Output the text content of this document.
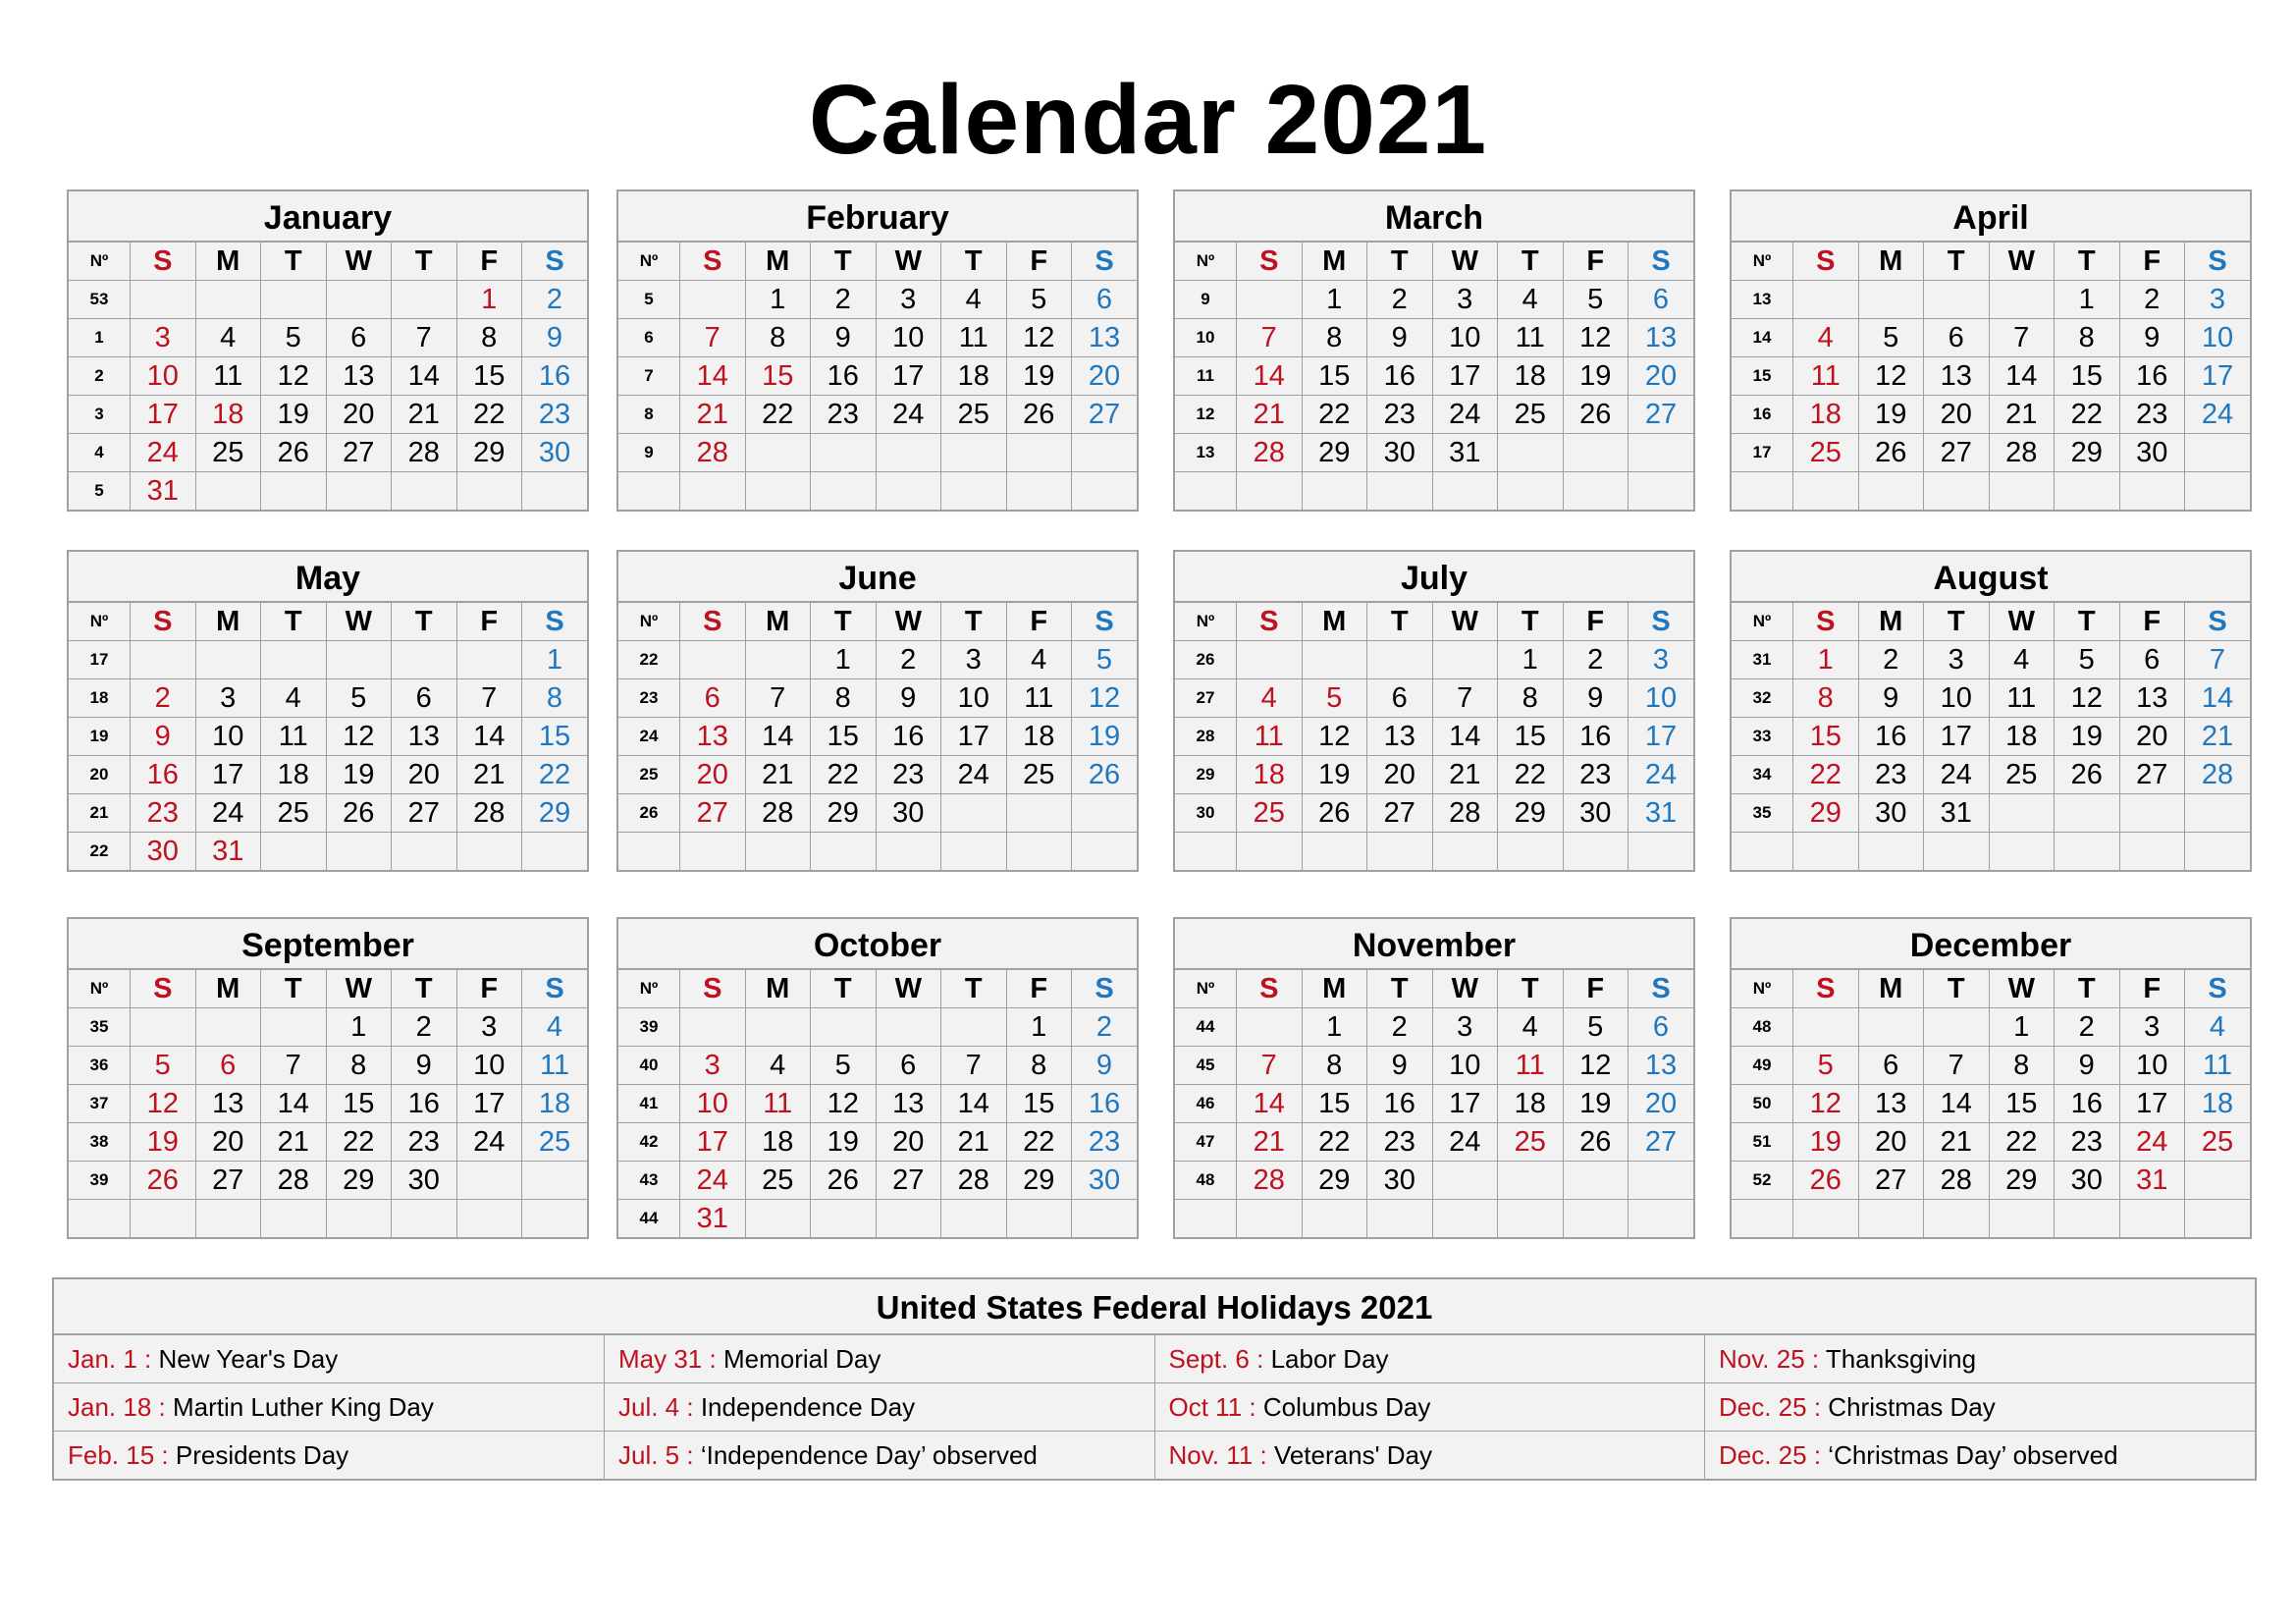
Calendar 2021
January
Nº	S	M	T	W	T	F	S
53						1	2
1	3	4	5	6	7	8	9
2	10	11	12	13	14	15	16
3	17	18	19	20	21	22	23
4	24	25	26	27	28	29	30
5	31						
February
Nº	S	M	T	W	T	F	S
5		1	2	3	4	5	6
6	7	8	9	10	11	12	13
7	14	15	16	17	18	19	20
8	21	22	23	24	25	26	27
9	28						

March
Nº	S	M	T	W	T	F	S
9		1	2	3	4	5	6
10	7	8	9	10	11	12	13
11	14	15	16	17	18	19	20
12	21	22	23	24	25	26	27
13	28	29	30	31			

April
Nº	S	M	T	W	T	F	S
13					1	2	3
14	4	5	6	7	8	9	10
15	11	12	13	14	15	16	17
16	18	19	20	21	22	23	24
17	25	26	27	28	29	30	

May
Nº	S	M	T	W	T	F	S
17							1
18	2	3	4	5	6	7	8
19	9	10	11	12	13	14	15
20	16	17	18	19	20	21	22
21	23	24	25	26	27	28	29
22	30	31					
June
Nº	S	M	T	W	T	F	S
22			1	2	3	4	5
23	6	7	8	9	10	11	12
24	13	14	15	16	17	18	19
25	20	21	22	23	24	25	26
26	27	28	29	30			

July
Nº	S	M	T	W	T	F	S
26					1	2	3
27	4	5	6	7	8	9	10
28	11	12	13	14	15	16	17
29	18	19	20	21	22	23	24
30	25	26	27	28	29	30	31

August
Nº	S	M	T	W	T	F	S
31	1	2	3	4	5	6	7
32	8	9	10	11	12	13	14
33	15	16	17	18	19	20	21
34	22	23	24	25	26	27	28
35	29	30	31				

September
Nº	S	M	T	W	T	F	S
35				1	2	3	4
36	5	6	7	8	9	10	11
37	12	13	14	15	16	17	18
38	19	20	21	22	23	24	25
39	26	27	28	29	30		

October
Nº	S	M	T	W	T	F	S
39						1	2
40	3	4	5	6	7	8	9
41	10	11	12	13	14	15	16
42	17	18	19	20	21	22	23
43	24	25	26	27	28	29	30
44	31						
November
Nº	S	M	T	W	T	F	S
44		1	2	3	4	5	6
45	7	8	9	10	11	12	13
46	14	15	16	17	18	19	20
47	21	22	23	24	25	26	27
48	28	29	30				

December
Nº	S	M	T	W	T	F	S
48				1	2	3	4
49	5	6	7	8	9	10	11
50	12	13	14	15	16	17	18
51	19	20	21	22	23	24	25
52	26	27	28	29	30	31	

United States Federal Holidays 2021
Jan. 1 : New Year's Day	May 31 : Memorial Day	Sept. 6 : Labor Day	Nov. 25 : Thanksgiving
Jan. 18 : Martin Luther King Day	Jul. 4 : Independence Day	Oct 11 : Columbus Day	Dec. 25 : Christmas Day
Feb. 15 : Presidents Day	Jul. 5 : ‘Independence Day’ observed	Nov. 11 : Veterans' Day	Dec. 25 : ‘Christmas Day’ observed
